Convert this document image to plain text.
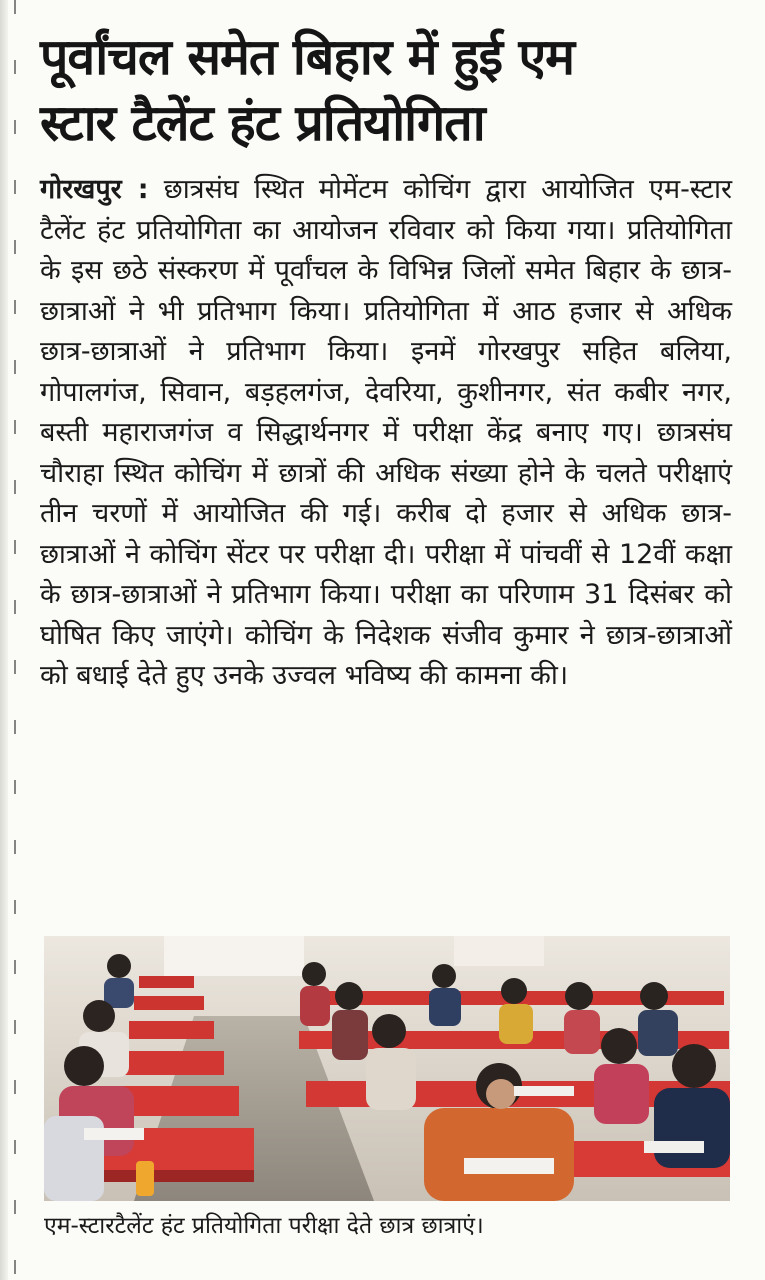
पूर्वांचल समेत बिहार में हुई एम
स्टार टैलेंट हंट प्रतियोगिता

गोरखपुर : छात्रसंघ स्थित मोमेंटम कोचिंग द्वारा आयोजित एम-स्टार टैलेंट हंट प्रतियोगिता का आयोजन रविवार को किया गया। प्रतियोगिता के इस छठे संस्करण में पूर्वांचल के विभिन्न जिलों समेत बिहार के छात्र-छात्राओं ने भी प्रतिभाग किया। प्रतियोगिता में आठ हजार से अधिक छात्र-छात्राओं ने प्रतिभाग किया। इनमें गोरखपुर सहित बलिया, गोपालगंज, सिवान, बड़हलगंज, देवरिया, कुशीनगर, संत कबीर नगर, बस्ती महाराजगंज व सिद्धार्थनगर में परीक्षा केंद्र बनाए गए। छात्रसंघ चौराहा स्थित कोचिंग में छात्रों की अधिक संख्या होने के चलते परीक्षाएं तीन चरणों में आयोजित की गई। करीब दो हजार से अधिक छात्र-छात्राओं ने कोचिंग सेंटर पर परीक्षा दी। परीक्षा में पांचवीं से 12वीं कक्षा के छात्र-छात्राओं ने प्रतिभाग किया। परीक्षा का परिणाम 31 दिसंबर को घोषित किए जाएंगे। कोचिंग के निदेशक संजीव कुमार ने छात्र-छात्राओं को बधाई देते हुए उनके उज्वल भविष्य की कामना की।

एम-स्टारटैलेंट हंट प्रतियोगिता परीक्षा देते छात्र छात्राएं।
